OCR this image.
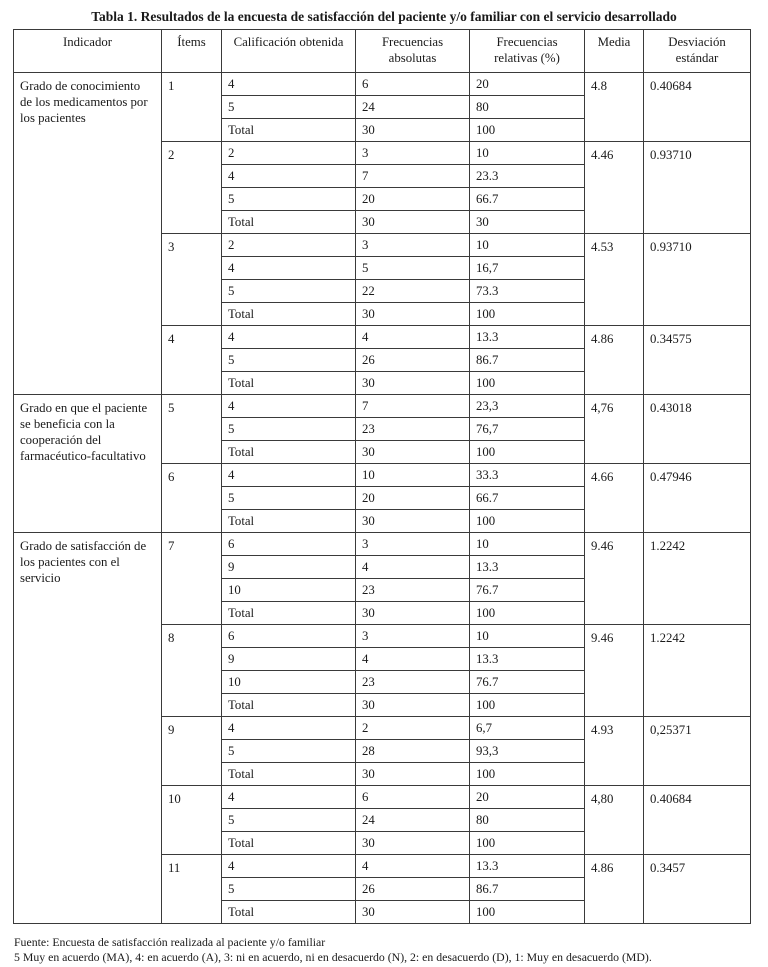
Tabla 1. Resultados de la encuesta de satisfacción del paciente y/o familiar con el servicio desarrollado
Indicador	Ítems	Calificación obtenida	Frecuencias absolutas	Frecuencias relativas (%)	Media	Desviación estándar
Grado de conocimiento de los medicamentos por los pacientes	1	4	6	20	4.8	0.40684
		5	24	80		
		Total	30	100		
	2	2	3	10	4.46	0.93710
		4	7	23.3		
		5	20	66.7		
		Total	30	30		
	3	2	3	10	4.53	0.93710
		4	5	16,7		
		5	22	73.3		
		Total	30	100		
	4	4	4	13.3	4.86	0.34575
		5	26	86.7		
		Total	30	100		
Grado en que el paciente se beneficia con la cooperación del farmacéutico-facultativo	5	4	7	23,3	4,76	0.43018
		5	23	76,7		
		Total	30	100		
	6	4	10	33.3	4.66	0.47946
		5	20	66.7		
		Total	30	100		
Grado de satisfacción de los pacientes con el servicio	7	6	3	10	9.46	1.2242
		9	4	13.3		
		10	23	76.7		
		Total	30	100		
	8	6	3	10	9.46	1.2242
		9	4	13.3		
		10	23	76.7		
		Total	30	100		
	9	4	2	6,7	4.93	0,25371
		5	28	93,3		
		Total	30	100		
	10	4	6	20	4,80	0.40684
		5	24	80		
		Total	30	100		
	11	4	4	13.3	4.86	0.3457
		5	26	86.7		
		Total	30	100		
Fuente: Encuesta de satisfacción realizada al paciente y/o familiar
5 Muy en acuerdo (MA), 4: en acuerdo (A), 3: ni en acuerdo, ni en desacuerdo (N), 2: en desacuerdo (D), 1: Muy en desacuerdo (MD).
